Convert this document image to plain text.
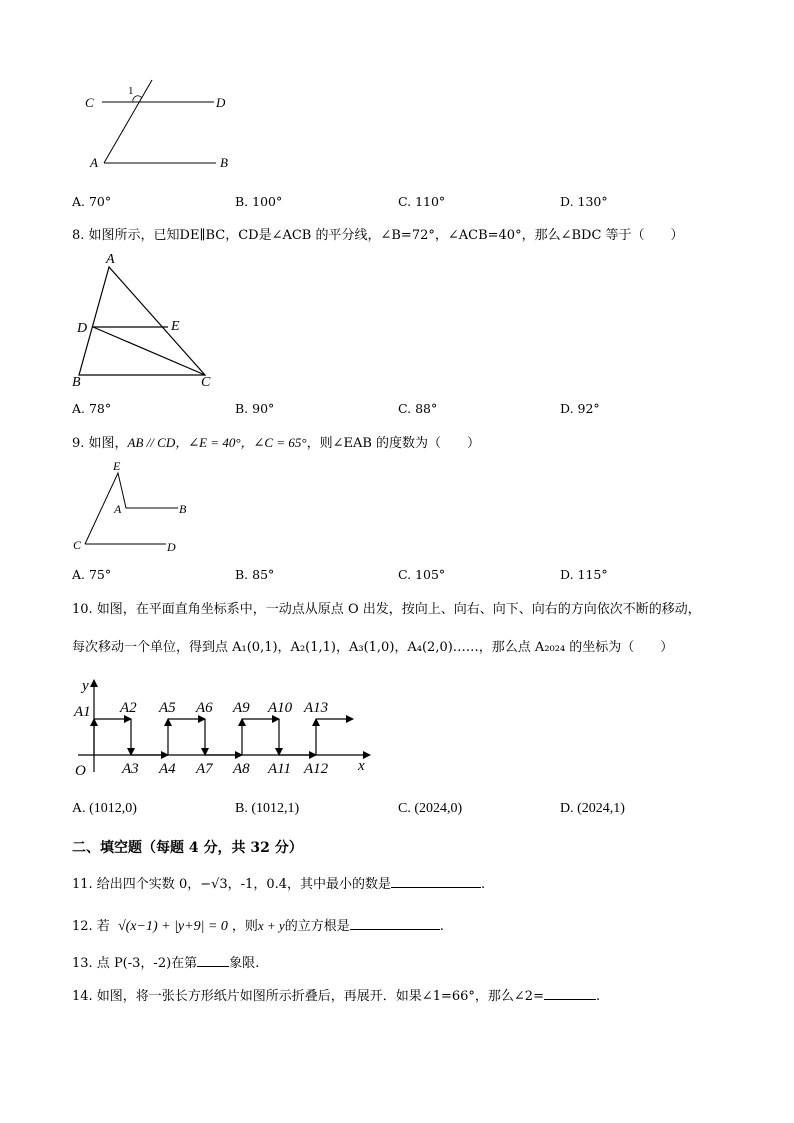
C	D
A	B
1
A. 70°	B. 100°	C. 110°	D. 130°
8. 如图所示，已知DE∥BC，CD是∠ACB 的平分线，∠B=72°，∠ACB=40°，那么∠BDC 等于（　　）
A
D	E
B	C
A. 78°	B. 90°	C. 88°	D. 92°
9. 如图，AB // CD，∠E = 40°，∠C = 65°，则∠EAB 的度数为（　　）
E
A	B
C	D
A. 75°	B. 85°	C. 105°	D. 115°
10. 如图，在平面直角坐标系中，一动点从原点 O 出发，按向上、向右、向下、向右的方向依次不断的移动，
每次移动一个单位，得到点 A₁(0,1)，A₂(1,1)，A₃(1,0)，A₄(2,0)……，那么点 A₂₀₂₄ 的坐标为（　　）
y
x
O
A1 A2 A5 A6 A9 A10 A13
A3 A4 A7 A8 A11 A12
A. (1012,0)	B. (1012,1)	C. (2024,0)	D. (2024,1)
二、填空题（每题 4 分，共 32 分）
11. 给出四个实数 0，−√3，-1，0.4，其中最小的数是	.
12. 若 √(x−1) + |y+9| = 0 ，则x + y的立方根是	.
13. 点 P(-3，-2)在第 象限.
14. 如图，将一张长方形纸片如图所示折叠后，再展开．如果∠1=66°，那么∠2=	.
